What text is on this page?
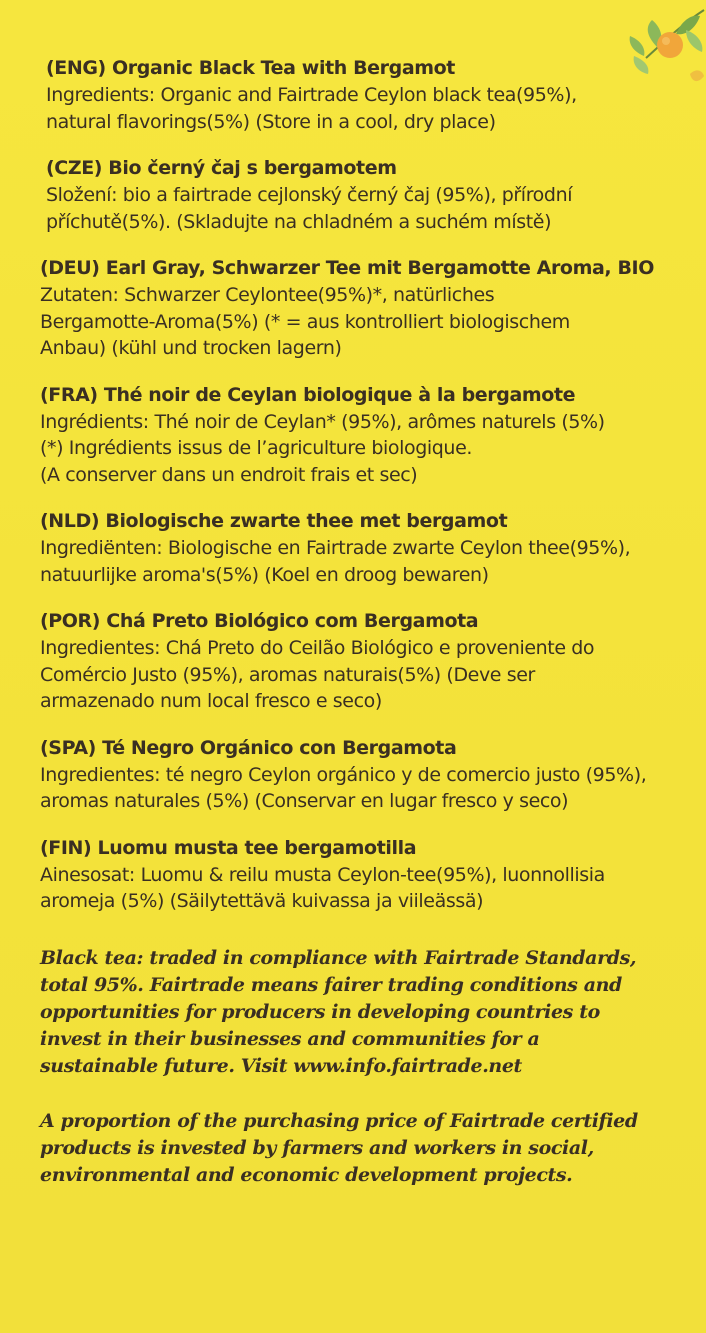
(ENG) Organic Black Tea with Bergamot
Ingredients: Organic and Fairtrade Ceylon black tea(95%),
natural flavorings(5%) (Store in a cool, dry place)
(CZE) Bio černý čaj s bergamotem
Složení: bio a fairtrade cejlonský černý čaj (95%), přírodní
příchutě(5%). (Skladujte na chladném a suchém místě)
(DEU) Earl Gray, Schwarzer Tee mit Bergamotte Aroma, BIO
Zutaten: Schwarzer Ceylontee(95%)*, natürliches
Bergamotte-Aroma(5%) (* = aus kontrolliert biologischem
Anbau) (kühl und trocken lagern)
(FRA) Thé noir de Ceylan biologique à la bergamote
Ingrédients: Thé noir de Ceylan* (95%), arômes naturels (5%)
(*) Ingrédients issus de l’agriculture biologique.
(A conserver dans un endroit frais et sec)
(NLD) Biologische zwarte thee met bergamot
Ingrediënten: Biologische en Fairtrade zwarte Ceylon thee(95%),
natuurlijke aroma's(5%) (Koel en droog bewaren)
(POR) Chá Preto Biológico com Bergamota
Ingredientes: Chá Preto do Ceilão Biológico e proveniente do
Comércio Justo (95%), aromas naturais(5%) (Deve ser
armazenado num local fresco e seco)
(SPA) Té Negro Orgánico con Bergamota
Ingredientes: té negro Ceylon orgánico y de comercio justo (95%),
aromas naturales (5%) (Conservar en lugar fresco y seco)
(FIN) Luomu musta tee bergamotilla
Ainesosat: Luomu & reilu musta Ceylon-tee(95%), luonnollisia
aromeja (5%) (Säilytettävä kuivassa ja viileässä)
Black tea: traded in compliance with Fairtrade Standards,
total 95%. Fairtrade means fairer trading conditions and
opportunities for producers in developing countries to
invest in their businesses and communities for a
sustainable future. Visit www.info.fairtrade.net
A proportion of the purchasing price of Fairtrade certified
products is invested by farmers and workers in social,
environmental and economic development projects.
